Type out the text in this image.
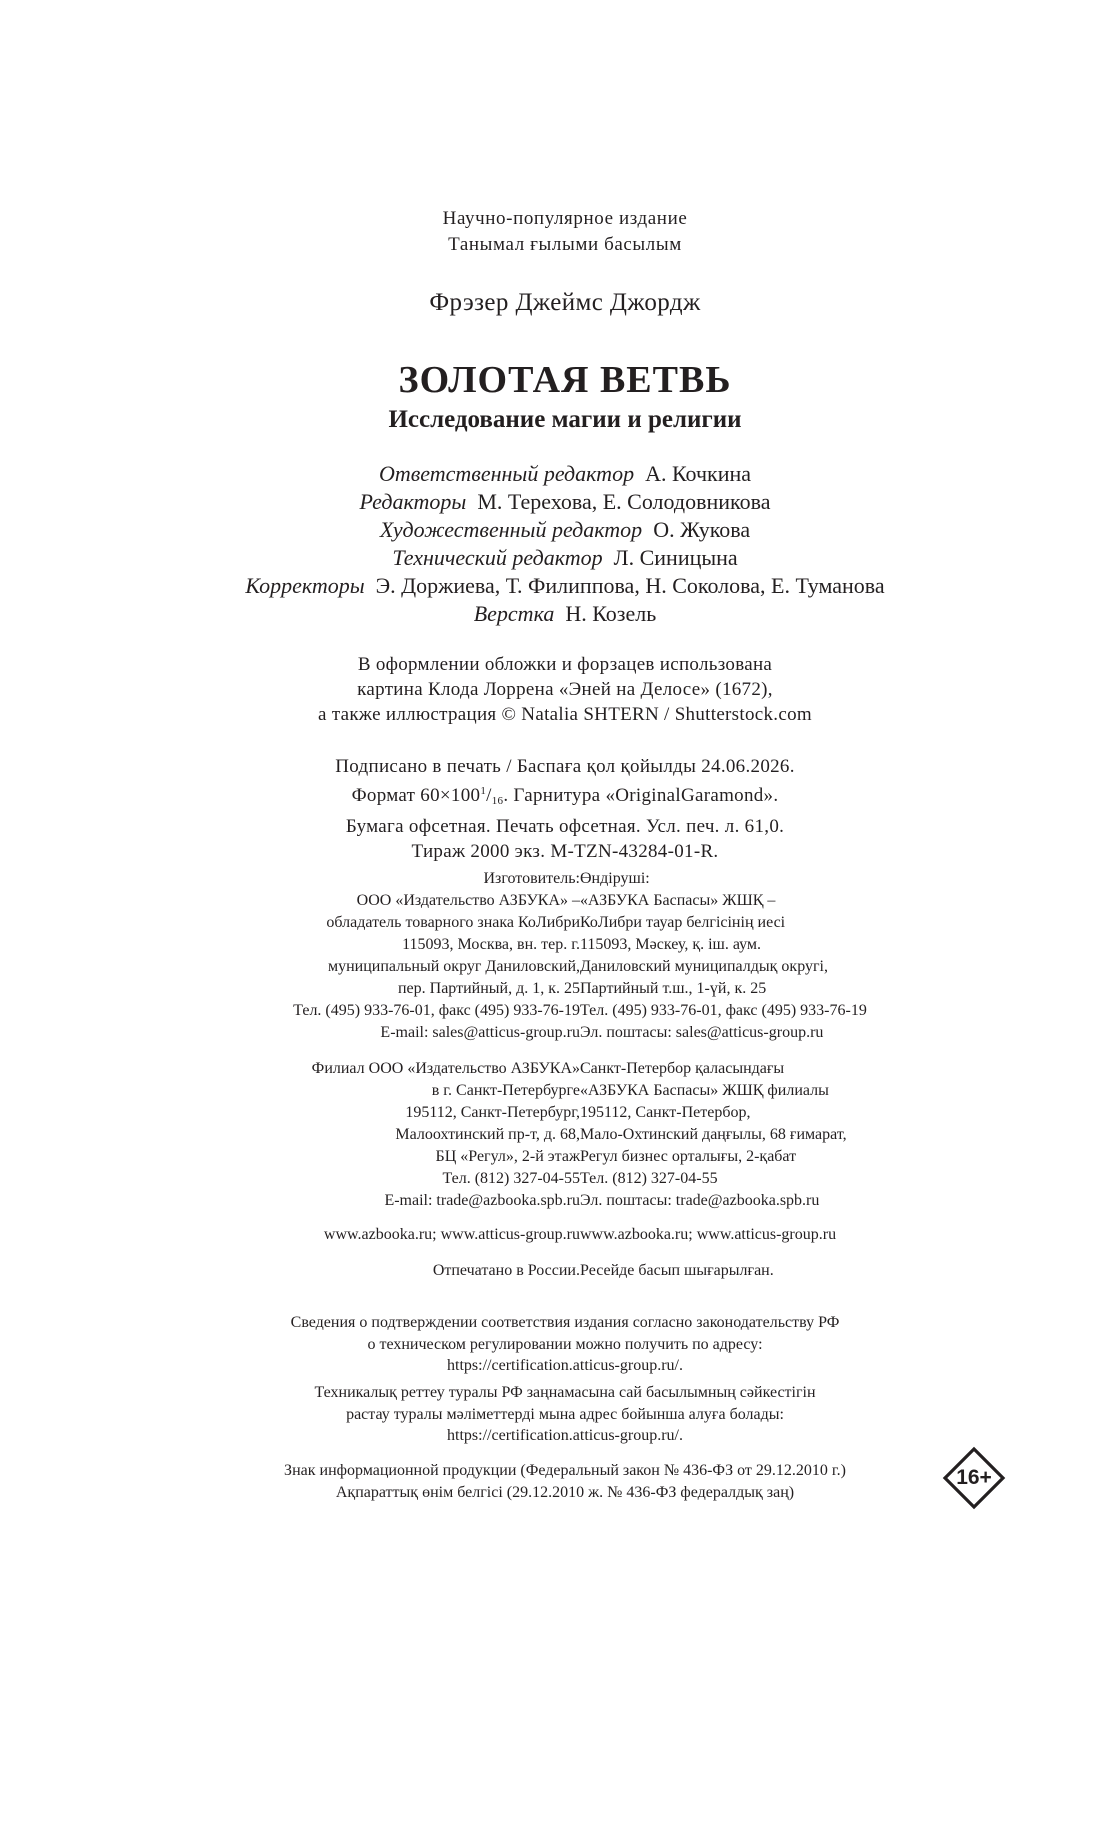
Научно-популярное издание
Танымал ғылыми басылым
Фрэзер Джеймс Джордж
ЗОЛОТАЯ ВЕТВЬ
Исследование магии и религии
Ответственный редактор А. Кочкина
Редакторы М. Терехова, Е. Солодовникова
Художественный редактор О. Жукова
Технический редактор Л. Синицына
Корректоры Э. Доржиева, Т. Филиппова, Н. Соколова, Е. Туманова
Верстка Н. Козель
В оформлении обложки и форзацев использована
картина Клода Лоррена «Эней на Делосе» (1672),
а также иллюстрация © Natalia SHTERN / Shutterstock.com
Подписано в печать / Баспаға қол қойылды 24.06.2026.
Формат $60\times 100^1/_{16}$. Гарнитура «OriginalGaramond».
Бумага офсетная. Печать офсетная. Усл. печ. л. 61,0.
Тираж 2000 экз. M-TZN-43284-01-R.
Изготовитель:
ООО «Издательство АЗБУКА» –
обладатель товарного знака КоЛибри
115093, Москва, вн. тер. г.
муниципальный округ Даниловский,
пер. Партийный, д. 1, к. 25
Тел. (495) 933-76-01, факс (495) 933-76-19
E-mail: sales@atticus-group.ru
Өндіруші:
«АЗБУКА Баспасы» ЖШҚ –
КоЛибри тауар белгісінің иесі
115093, Мәскеу, қ. іш. аум.
Даниловский муниципалдық округі,
Партийный т.ш., 1-үй, к. 25
Тел. (495) 933-76-01, факс (495) 933-76-19
Эл. поштасы: sales@atticus-group.ru
Филиал ООО «Издательство АЗБУКА»
в г. Санкт-Петербурге
195112, Санкт-Петербург,
Малоохтинский пр-т, д. 68,
БЦ «Регул», 2-й этаж
Тел. (812) 327-04-55
E-mail: trade@azbooka.spb.ru
Санкт-Петербор қаласындағы
«АЗБУКА Баспасы» ЖШҚ филиалы
195112, Санкт-Петербор,
Мало-Охтинский даңғылы, 68 ғимарат,
Регул бизнес орталығы, 2-қабат
Тел. (812) 327-04-55
Эл. поштасы: trade@azbooka.spb.ru
www.azbooka.ru; www.atticus-group.ru www.azbooka.ru; www.atticus-group.ru
Отпечатано в России. Ресейде басып шығарылған.
Сведения о подтверждении соответствия издания согласно законодательству РФ
о техническом регулировании можно получить по адресу:
https://certification.atticus-group.ru/.
Техникалық реттеу туралы РФ заңнамасына сай басылымның сәйкестігін
растау туралы мәліметтерді мына адрес бойынша алуға болады:
https://certification.atticus-group.ru/.
Знак информационной продукции (Федеральный закон № 436-ФЗ от 29.12.2010 г.)
Ақпараттық өнім белгісі (29.12.2010 ж. № 436-ФЗ федералдық заң)
16+
